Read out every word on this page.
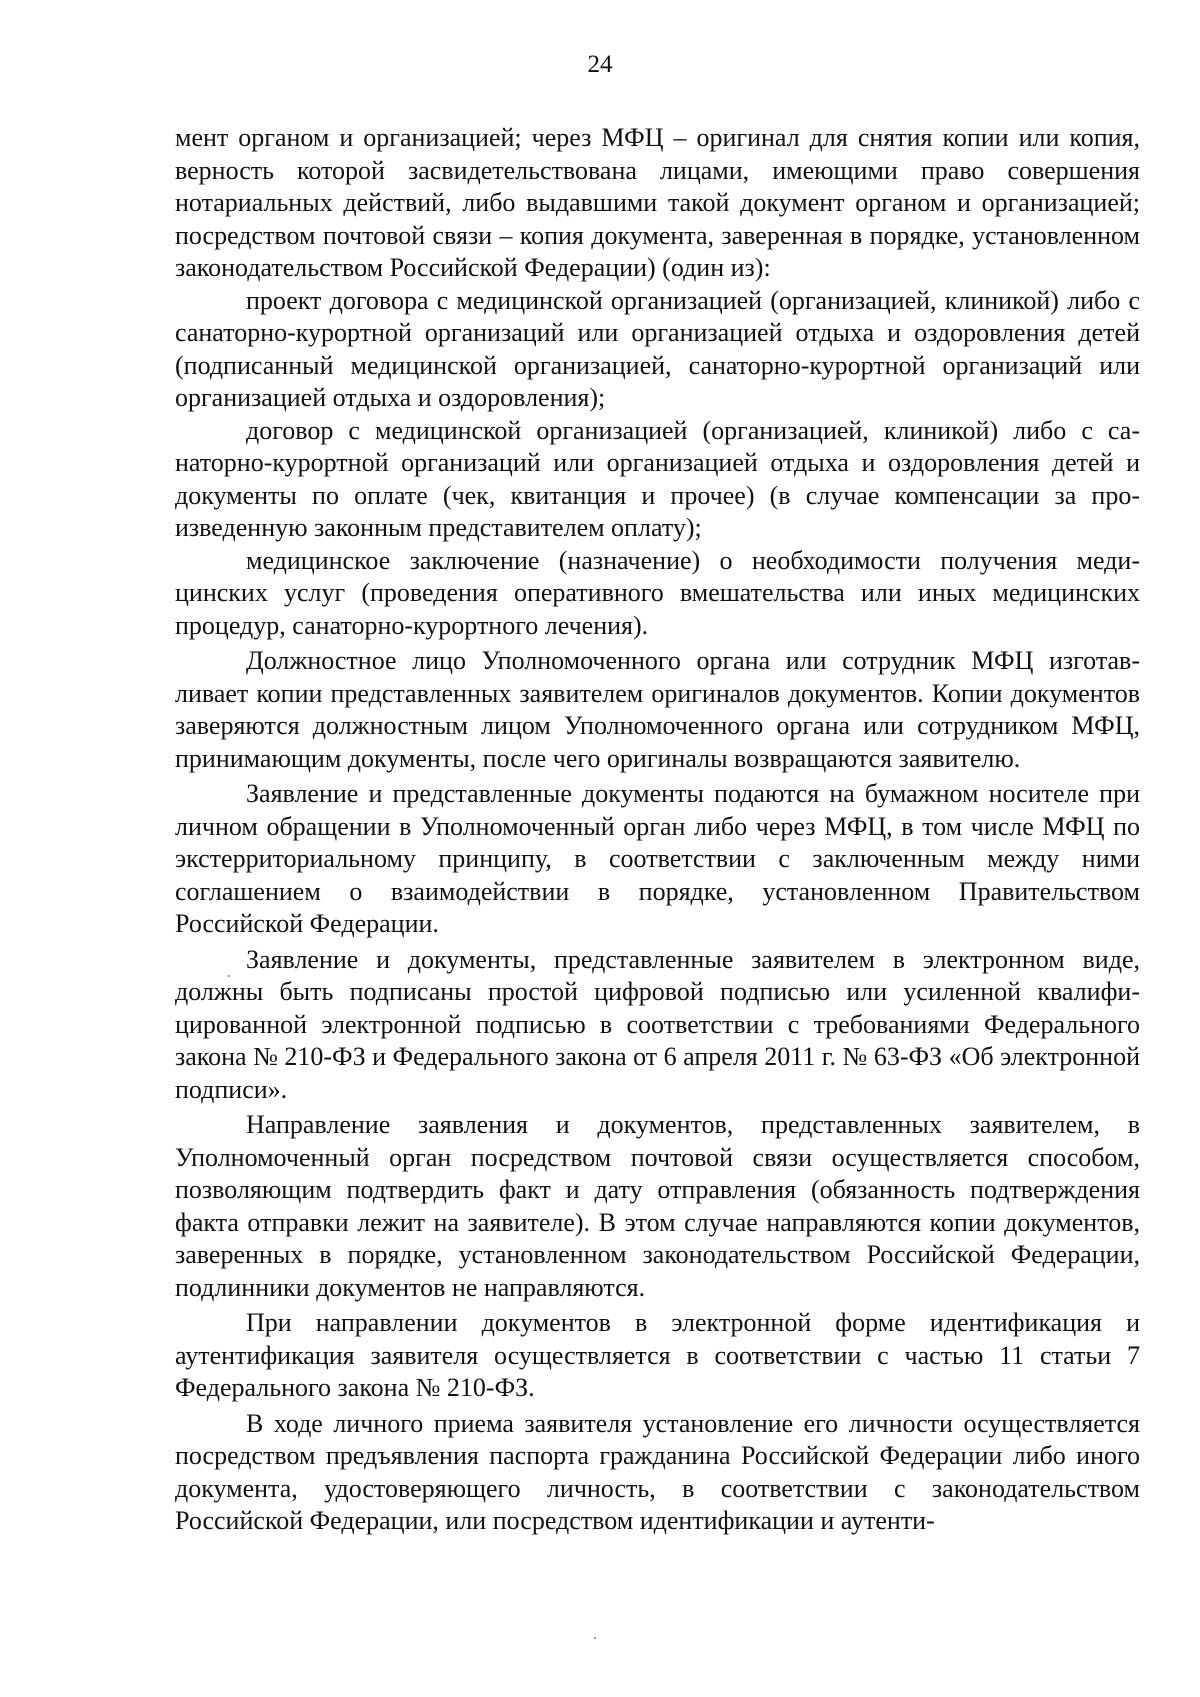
24

мент органом и организацией; через МФЦ – оригинал для снятия копии или копия, верность которой засвидетельствована лицами, имеющими право совершения нотариальных действий, либо выдавшими такой документ органом и организацией; посредством почтовой связи – копия документа, заверенная в порядке, установленном законодательством Российской Федерации) (один из):

проект договора с медицинской организацией (организацией, клиникой) либо с санаторно-курортной организаций или организацией отдыха и оздоровления детей (подписанный медицинской организацией, санаторно-курортной организаций или организацией отдыха и оздоровления);

договор с медицинской организацией (организацией, клиникой) либо с санаторно-курортной организаций или организацией отдыха и оздоровления детей и документы по оплате (чек, квитанция и прочее) (в случае компенсации за произведенную законным представителем оплату);

медицинское заключение (назначение) о необходимости получения медицинских услуг (проведения оперативного вмешательства или иных медицинских процедур, санаторно-курортного лечения).

Должностное лицо Уполномоченного органа или сотрудник МФЦ изготавливает копии представленных заявителем оригиналов документов. Копии документов заверяются должностным лицом Уполномоченного органа или сотрудником МФЦ, принимающим документы, после чего оригиналы возвращаются заявителю.

Заявление и представленные документы подаются на бумажном носителе при личном обращении в Уполномоченный орган либо через МФЦ, в том числе МФЦ по экстерриториальному принципу, в соответствии с заключенным между ними соглашением о взаимодействии в порядке, установленном Правительством Российской Федерации.

Заявление и документы, представленные заявителем в электронном виде, должны быть подписаны простой цифровой подписью или усиленной квалифицированной электронной подписью в соответствии с требованиями Федерального закона № 210-ФЗ и Федерального закона от 6 апреля 2011 г. № 63-ФЗ «Об электронной подписи».

Направление заявления и документов, представленных заявителем, в Уполномоченный орган посредством почтовой связи осуществляется способом, позволяющим подтвердить факт и дату отправления (обязанность подтверждения факта отправки лежит на заявителе). В этом случае направляются копии документов, заверенных в порядке, установленном законодательством Российской Федерации, подлинники документов не направляются.

При направлении документов в электронной форме идентификация и аутентификация заявителя осуществляется в соответствии с частью 11 статьи 7 Федерального закона № 210-ФЗ.

В ходе личного приема заявителя установление его личности осуществляется посредством предъявления паспорта гражданина Российской Федерации либо иного документа, удостоверяющего личность, в соответствии с законодательством Российской Федерации, или посредством идентификации и аутенти-
